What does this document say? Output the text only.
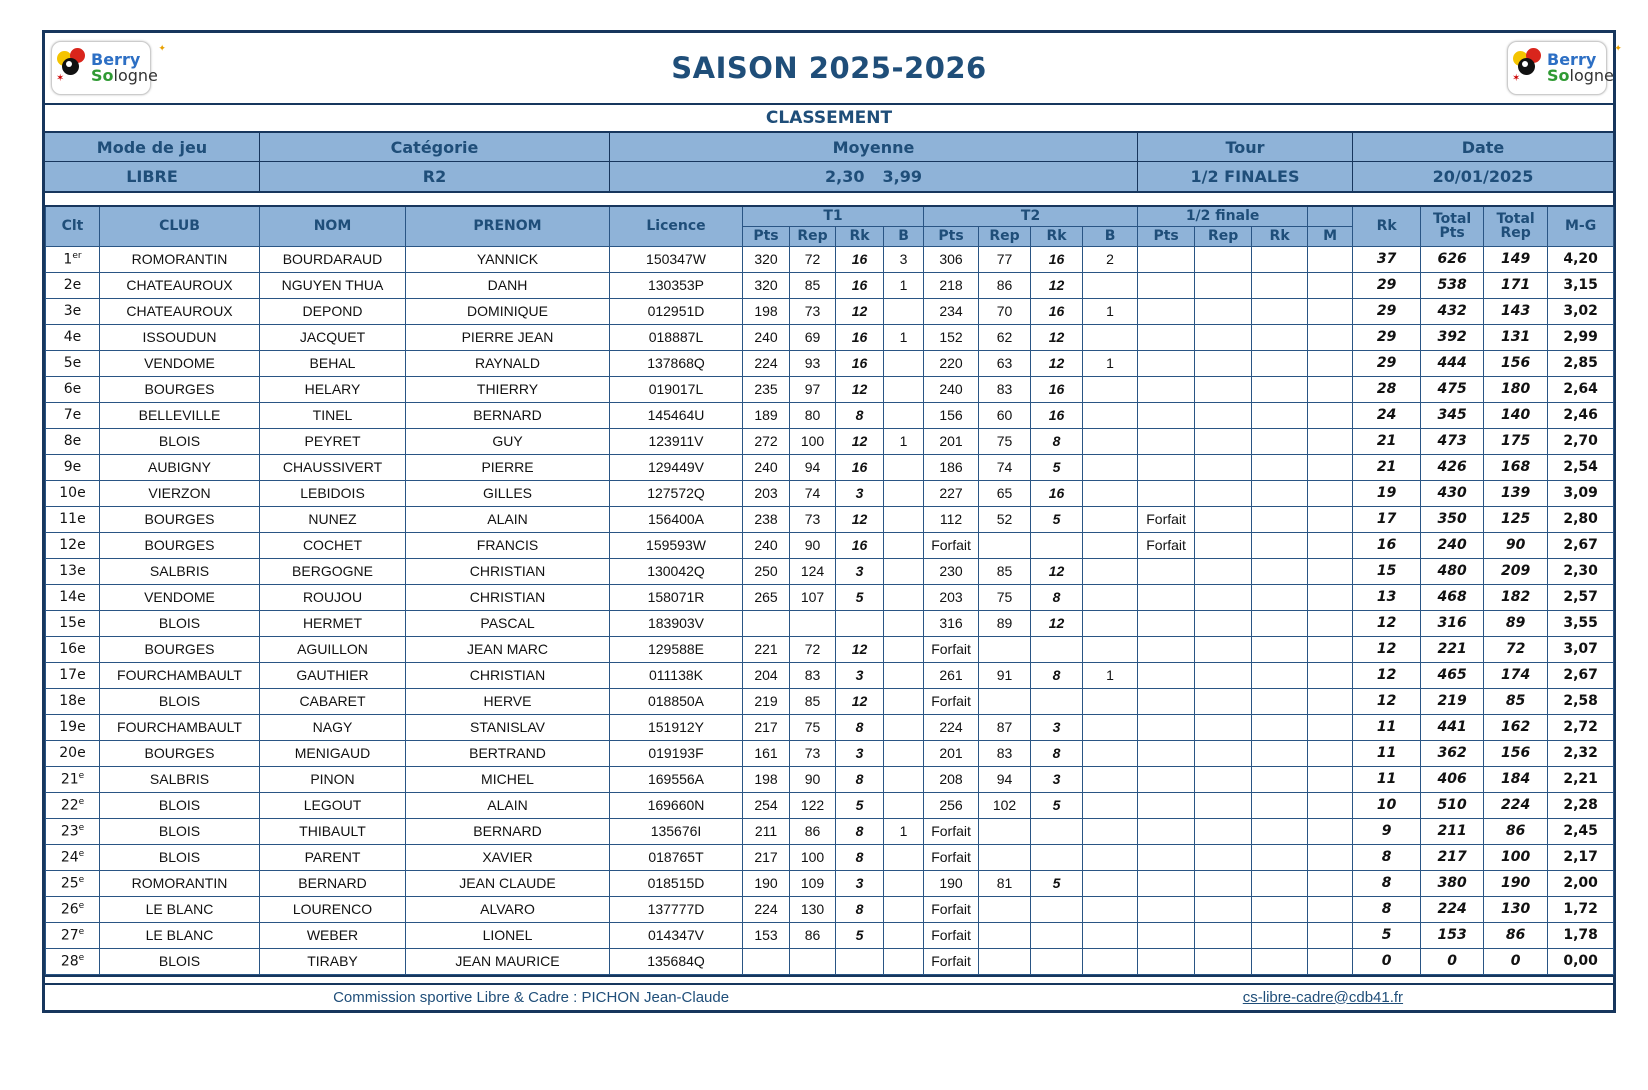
✶
Berry
✦
Sologne	SAISON 2025-2026	✶
Berry
✦
Sologne
CLASSEMENT
Mode de jeu	Catégorie	Moyenne	Tour	Date
LIBRE	R2	2,30 3,99	1/2 FINALES	20/01/2025
Clt	CLUB	NOM	PRENOM	Licence	T1				T2				1/2 finale				Rk	Total Pts	Total Rep	M-G
					Pts	Rep	Rk	B	Pts	Rep	Rk	B	Pts	Rep	Rk	M				
1er	ROMORANTIN	BOURDARAUD	YANNICK	150347W	320	72	16	3	306	77	16	2					37	626	149	4,20
2e	CHATEAUROUX	NGUYEN THUA	DANH	130353P	320	85	16	1	218	86	12						29	538	171	3,15
3e	CHATEAUROUX	DEPOND	DOMINIQUE	012951D	198	73	12		234	70	16	1					29	432	143	3,02
4e	ISSOUDUN	JACQUET	PIERRE JEAN	018887L	240	69	16	1	152	62	12						29	392	131	2,99
5e	VENDOME	BEHAL	RAYNALD	137868Q	224	93	16		220	63	12	1					29	444	156	2,85
6e	BOURGES	HELARY	THIERRY	019017L	235	97	12		240	83	16						28	475	180	2,64
7e	BELLEVILLE	TINEL	BERNARD	145464U	189	80	8		156	60	16						24	345	140	2,46
8e	BLOIS	PEYRET	GUY	123911V	272	100	12	1	201	75	8						21	473	175	2,70
9e	AUBIGNY	CHAUSSIVERT	PIERRE	129449V	240	94	16		186	74	5						21	426	168	2,54
10e	VIERZON	LEBIDOIS	GILLES	127572Q	203	74	3		227	65	16						19	430	139	3,09
11e	BOURGES	NUNEZ	ALAIN	156400A	238	73	12		112	52	5		Forfait				17	350	125	2,80
12e	BOURGES	COCHET	FRANCIS	159593W	240	90	16		Forfait				Forfait				16	240	90	2,67
13e	SALBRIS	BERGOGNE	CHRISTIAN	130042Q	250	124	3		230	85	12						15	480	209	2,30
14e	VENDOME	ROUJOU	CHRISTIAN	158071R	265	107	5		203	75	8						13	468	182	2,57
15e	BLOIS	HERMET	PASCAL	183903V					316	89	12						12	316	89	3,55
16e	BOURGES	AGUILLON	JEAN MARC	129588E	221	72	12		Forfait								12	221	72	3,07
17e	FOURCHAMBAULT	GAUTHIER	CHRISTIAN	011138K	204	83	3		261	91	8	1					12	465	174	2,67
18e	BLOIS	CABARET	HERVE	018850A	219	85	12		Forfait								12	219	85	2,58
19e	FOURCHAMBAULT	NAGY	STANISLAV	151912Y	217	75	8		224	87	3						11	441	162	2,72
20e	BOURGES	MENIGAUD	BERTRAND	019193F	161	73	3		201	83	8						11	362	156	2,32
21e	SALBRIS	PINON	MICHEL	169556A	198	90	8		208	94	3						11	406	184	2,21
22e	BLOIS	LEGOUT	ALAIN	169660N	254	122	5		256	102	5						10	510	224	2,28
23e	BLOIS	THIBAULT	BERNARD	135676I	211	86	8	1	Forfait								9	211	86	2,45
24e	BLOIS	PARENT	XAVIER	018765T	217	100	8		Forfait								8	217	100	2,17
25e	ROMORANTIN	BERNARD	JEAN CLAUDE	018515D	190	109	3		190	81	5						8	380	190	2,00
26e	LE BLANC	LOURENCO	ALVARO	137777D	224	130	8		Forfait								8	224	130	1,72
27e	LE BLANC	WEBER	LIONEL	014347V	153	86	5		Forfait								5	153	86	1,78
28e	BLOIS	TIRABY	JEAN MAURICE	135684Q					Forfait								0	0	0	0,00
Commission sportive Libre & Cadre : PICHON Jean-Claude	cs-libre-cadre@cdb41.fr
